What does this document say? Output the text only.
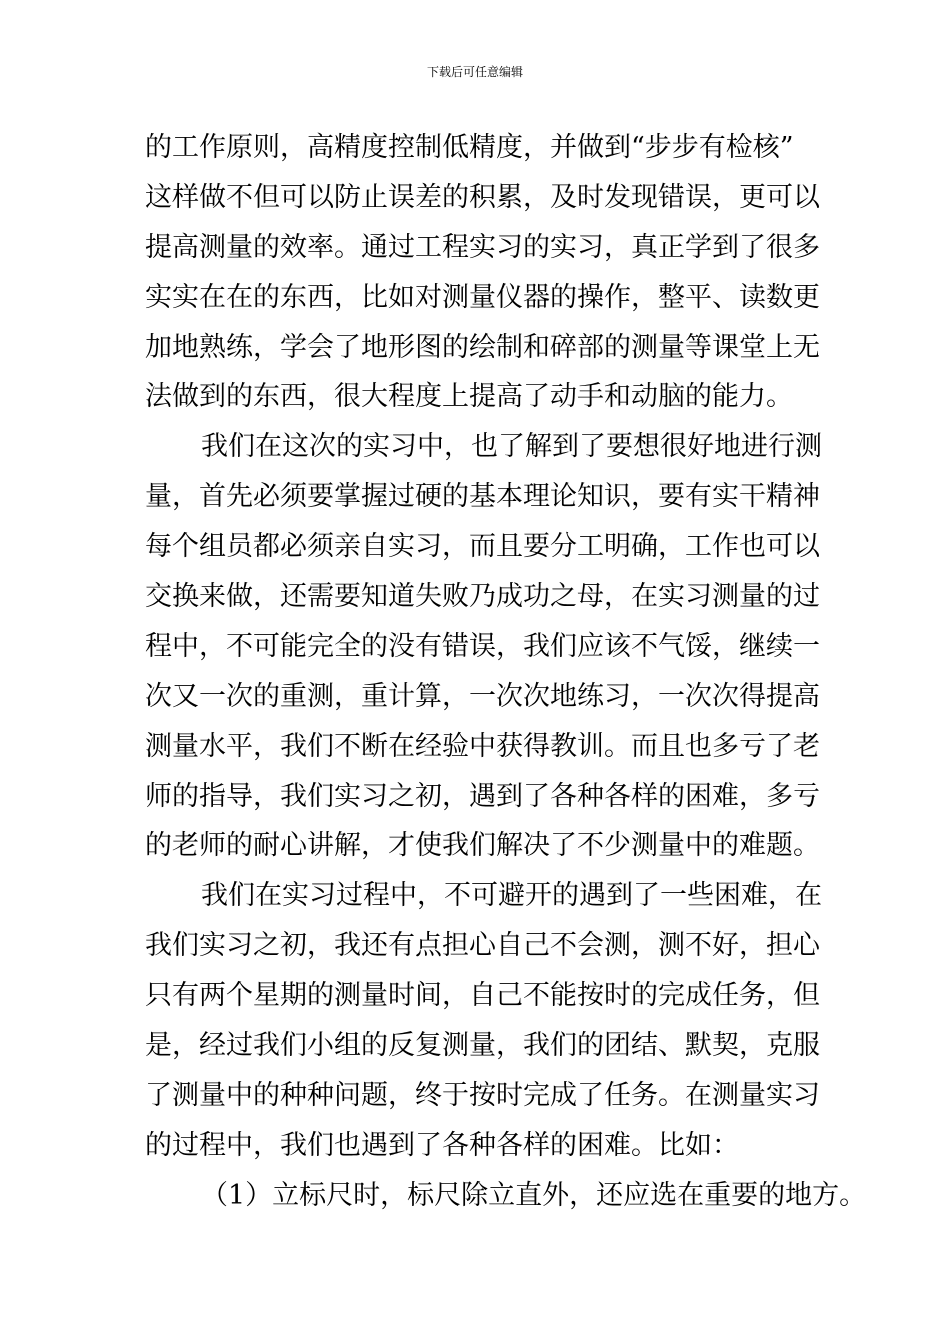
下载后可任意编辑
的工作原则，高精度控制低精度，并做到“步步有检核”
这样做不但可以防止误差的积累，及时发现错误，更可以
提高测量的效率。通过工程实习的实习，真正学到了很多
实实在在的东西，比如对测量仪器的操作，整平、读数更
加地熟练，学会了地形图的绘制和碎部的测量等课堂上无
法做到的东西，很大程度上提高了动手和动脑的能力。
我们在这次的实习中，也了解到了要想很好地进行测
量，首先必须要掌握过硬的基本理论知识，要有实干精神
每个组员都必须亲自实习，而且要分工明确，工作也可以
交换来做，还需要知道失败乃成功之母，在实习测量的过
程中，不可能完全的没有错误，我们应该不气馁，继续一
次又一次的重测，重计算，一次次地练习，一次次得提高
测量水平，我们不断在经验中获得教训。而且也多亏了老
师的指导，我们实习之初，遇到了各种各样的困难，多亏
的老师的耐心讲解，才使我们解决了不少测量中的难题。
我们在实习过程中，不可避开的遇到了一些困难，在
我们实习之初，我还有点担心自己不会测，测不好，担心
只有两个星期的测量时间，自己不能按时的完成任务，但
是，经过我们小组的反复测量，我们的团结、默契，克服
了测量中的种种问题，终于按时完成了任务。在测量实习
的过程中，我们也遇到了各种各样的困难。比如：
（1）立标尺时，标尺除立直外，还应选在重要的地方。
